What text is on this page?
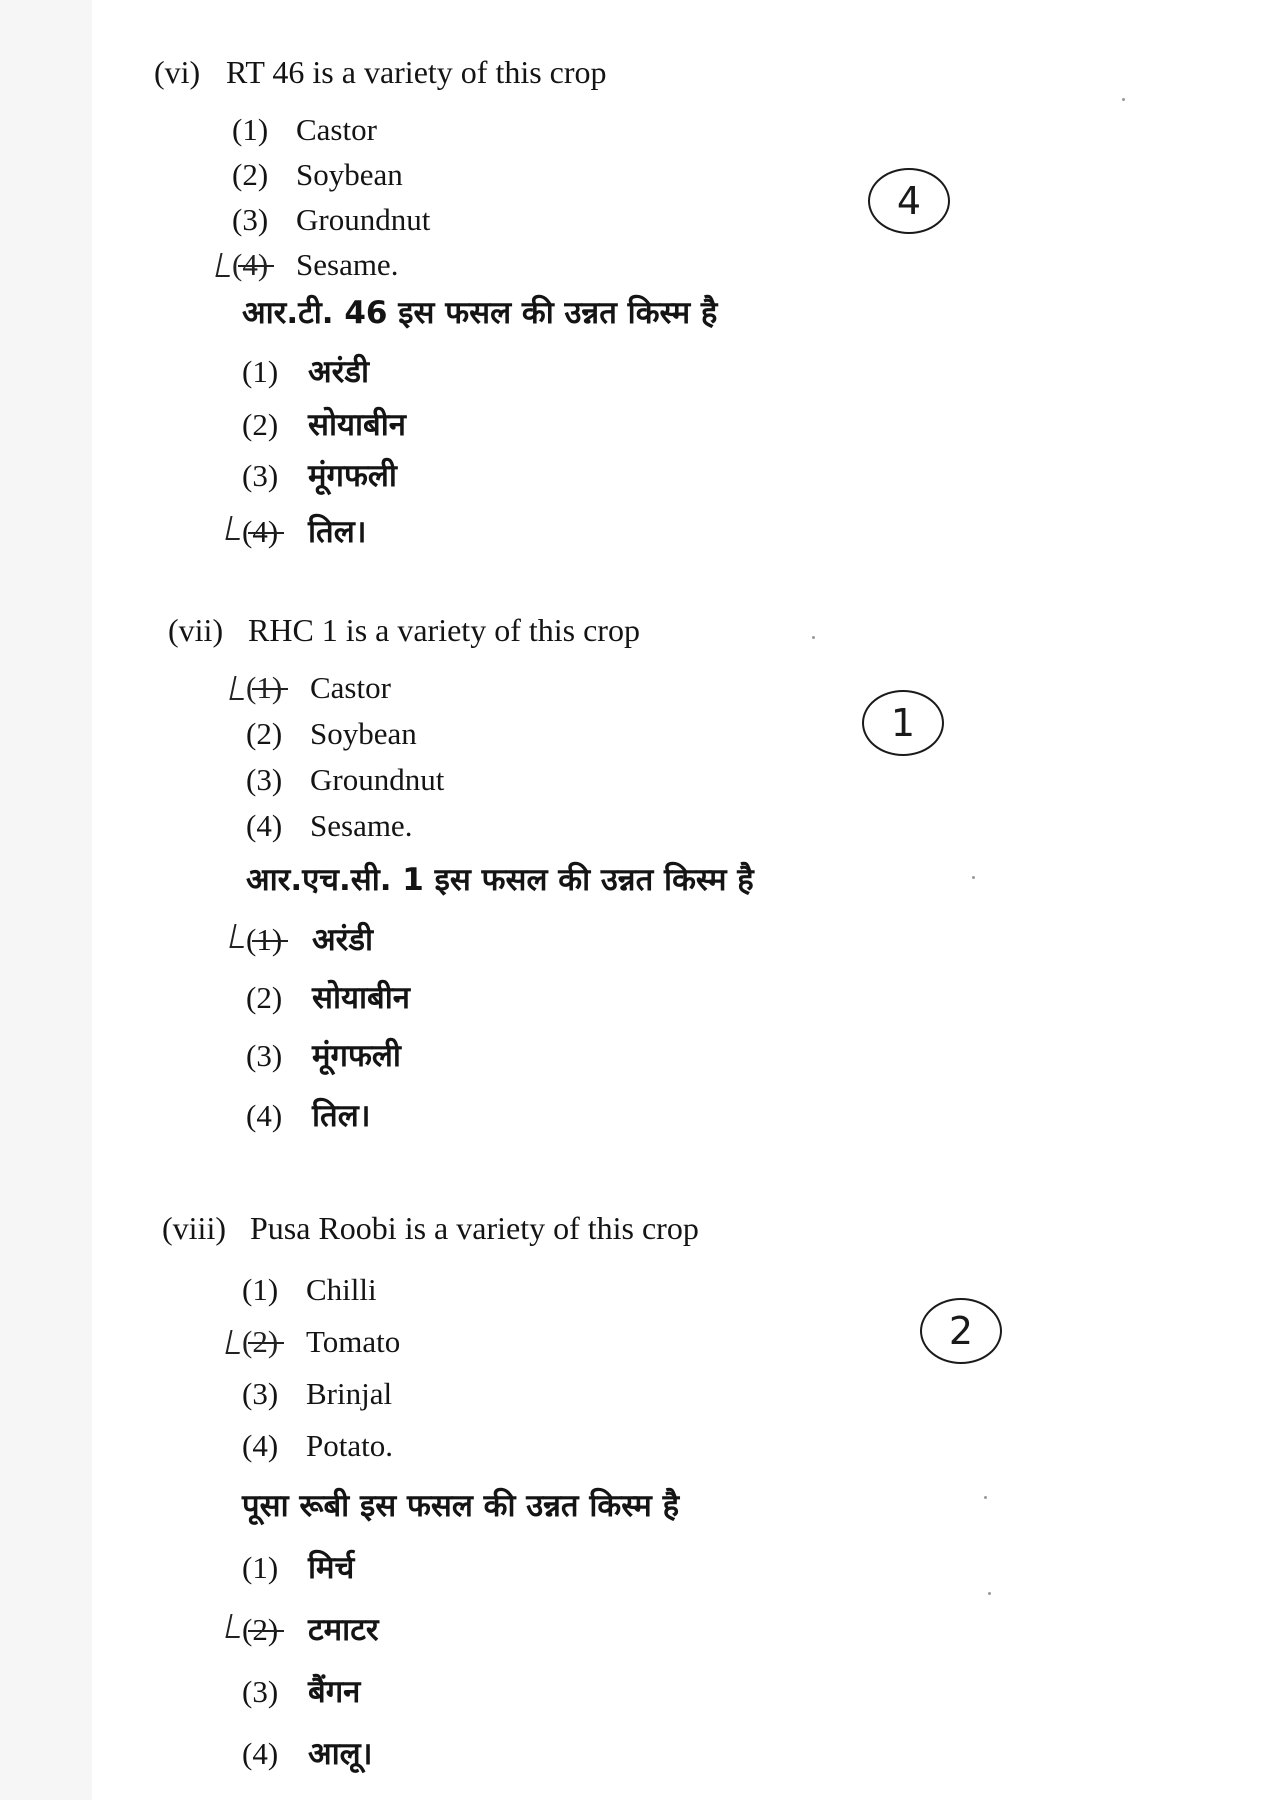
(vi) RT 46 is a variety of this crop
(1) Castor
(2) Soybean
(3) Groundnut
(4) Sesame.
आर.टी. 46 इस फसल की उन्नत किस्म है
(1) अरंडी
(2) सोयाबीन
(3) मूंगफली
(4) तिल।
4
(vii) RHC 1 is a variety of this crop
(1) Castor
(2) Soybean
(3) Groundnut
(4) Sesame.
आर.एच.सी. 1 इस फसल की उन्नत किस्म है
(1) अरंडी
(2) सोयाबीन
(3) मूंगफली
(4) तिल।
1
(viii) Pusa Roobi is a variety of this crop
(1) Chilli
(2) Tomato
(3) Brinjal
(4) Potato.
पूसा रूबी इस फसल की उन्नत किस्म है
(1) मिर्च
(2) टमाटर
(3) बैंगन
(4) आलू।
2
